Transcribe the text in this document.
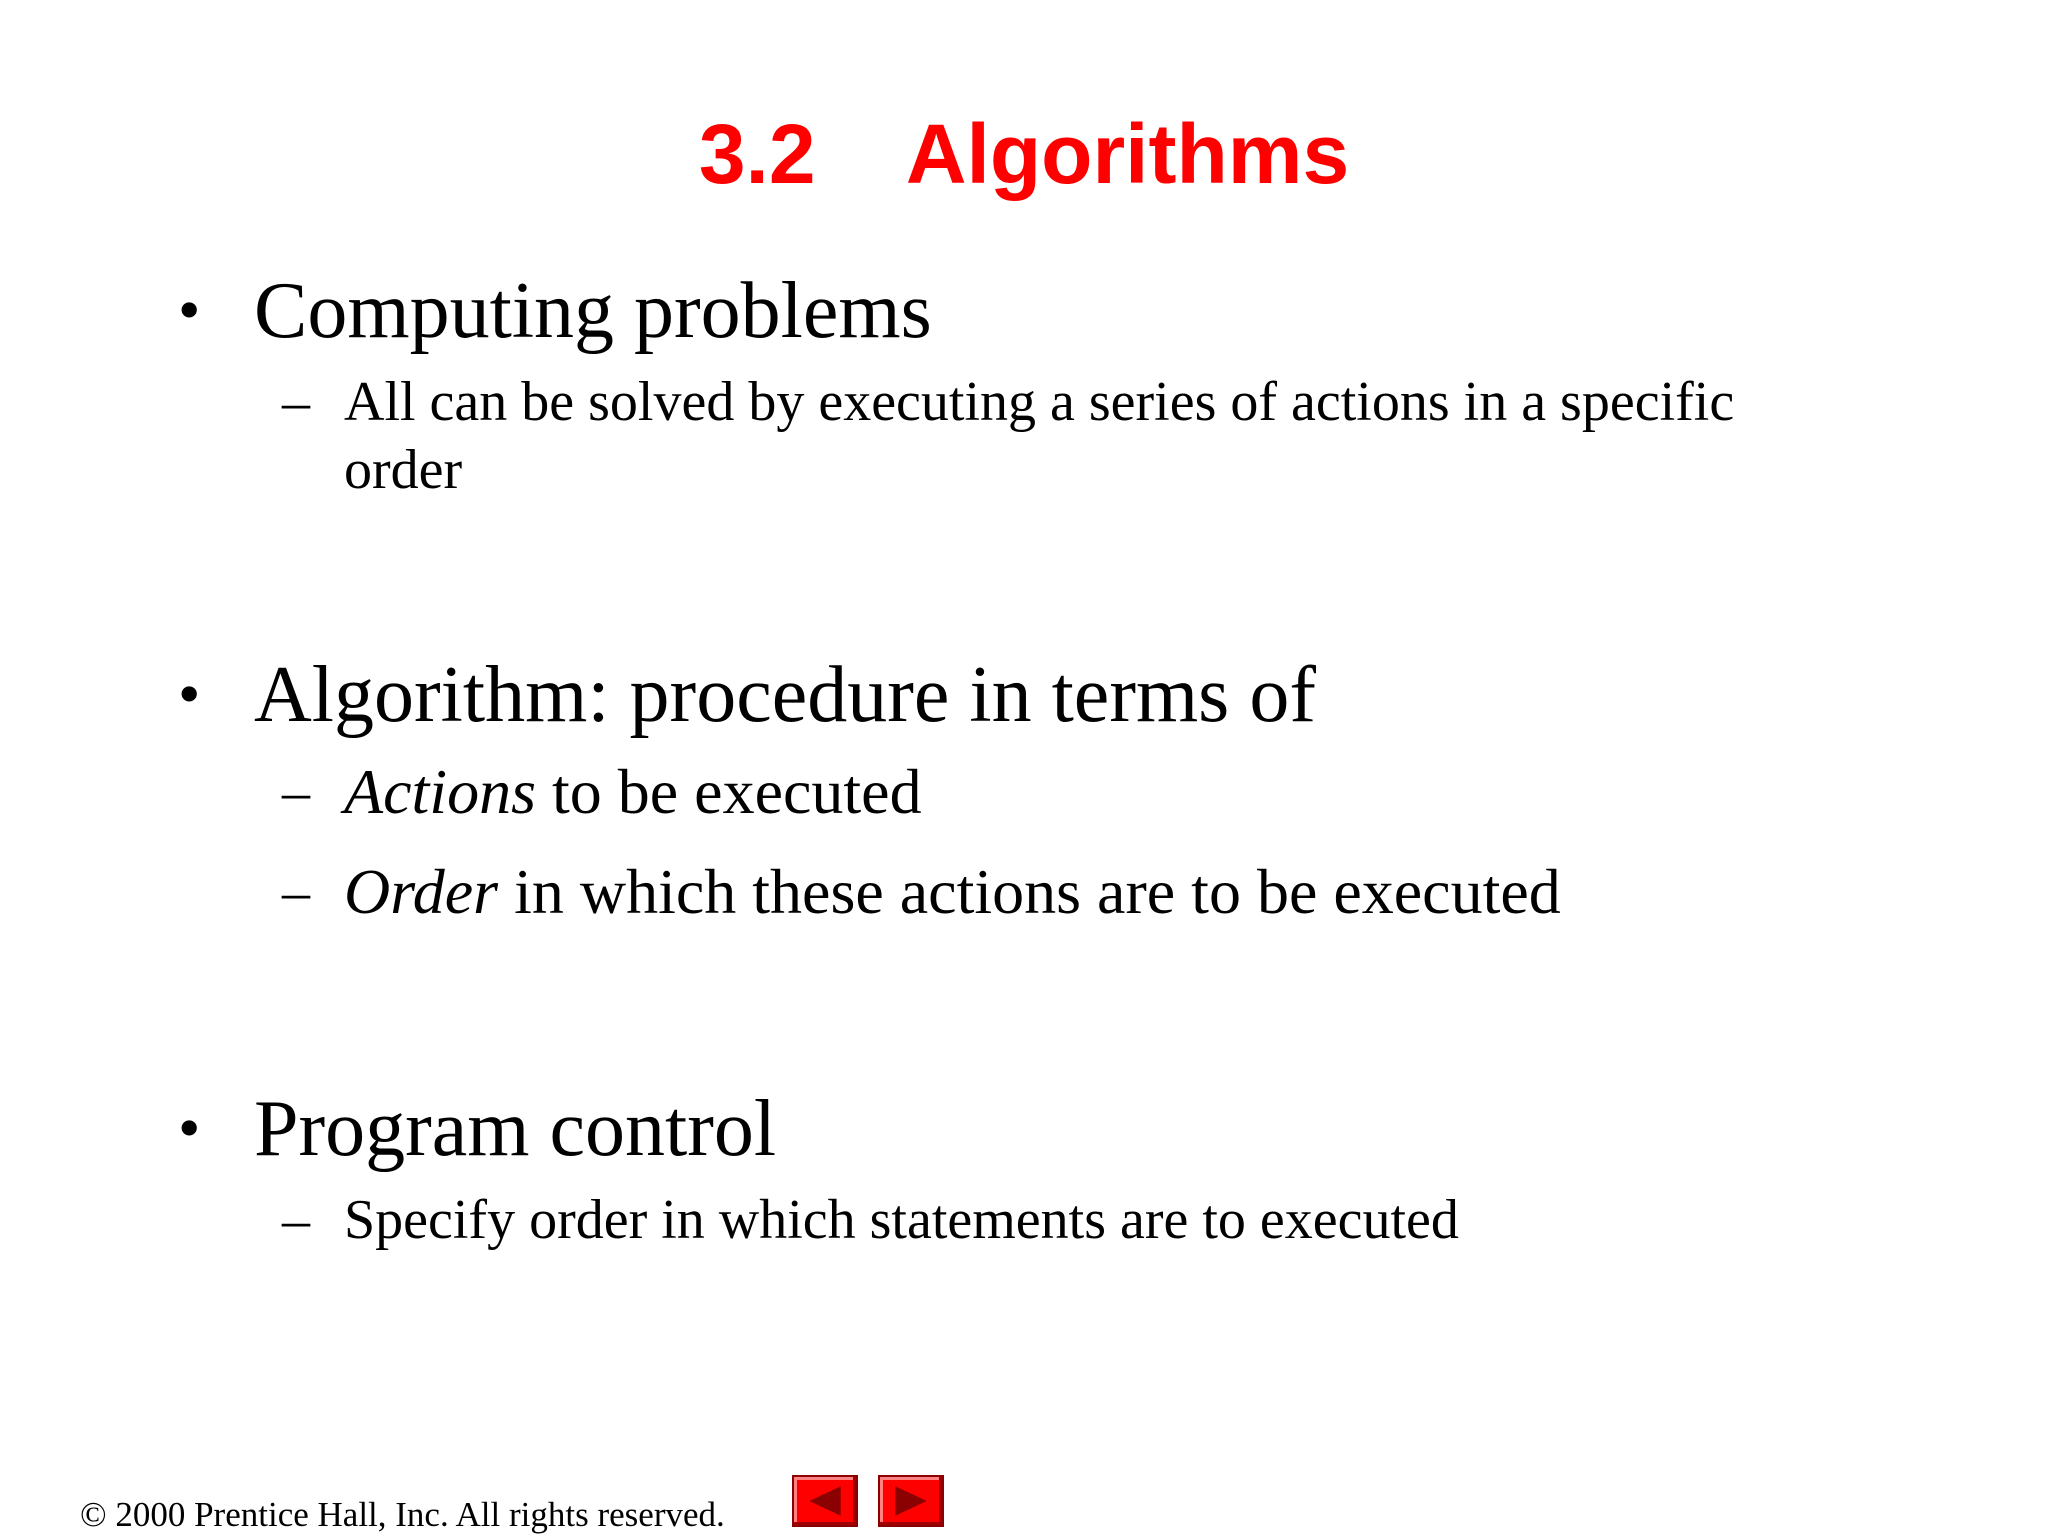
3.2    Algorithms
• Computing problems
– All can be solved by executing a series of actions in a specific order
• Algorithm: procedure in terms of
– Actions to be executed
– Order in which these actions are to be executed
• Program control
– Specify order in which statements are to executed
© 2000 Prentice Hall, Inc. All rights reserved.
